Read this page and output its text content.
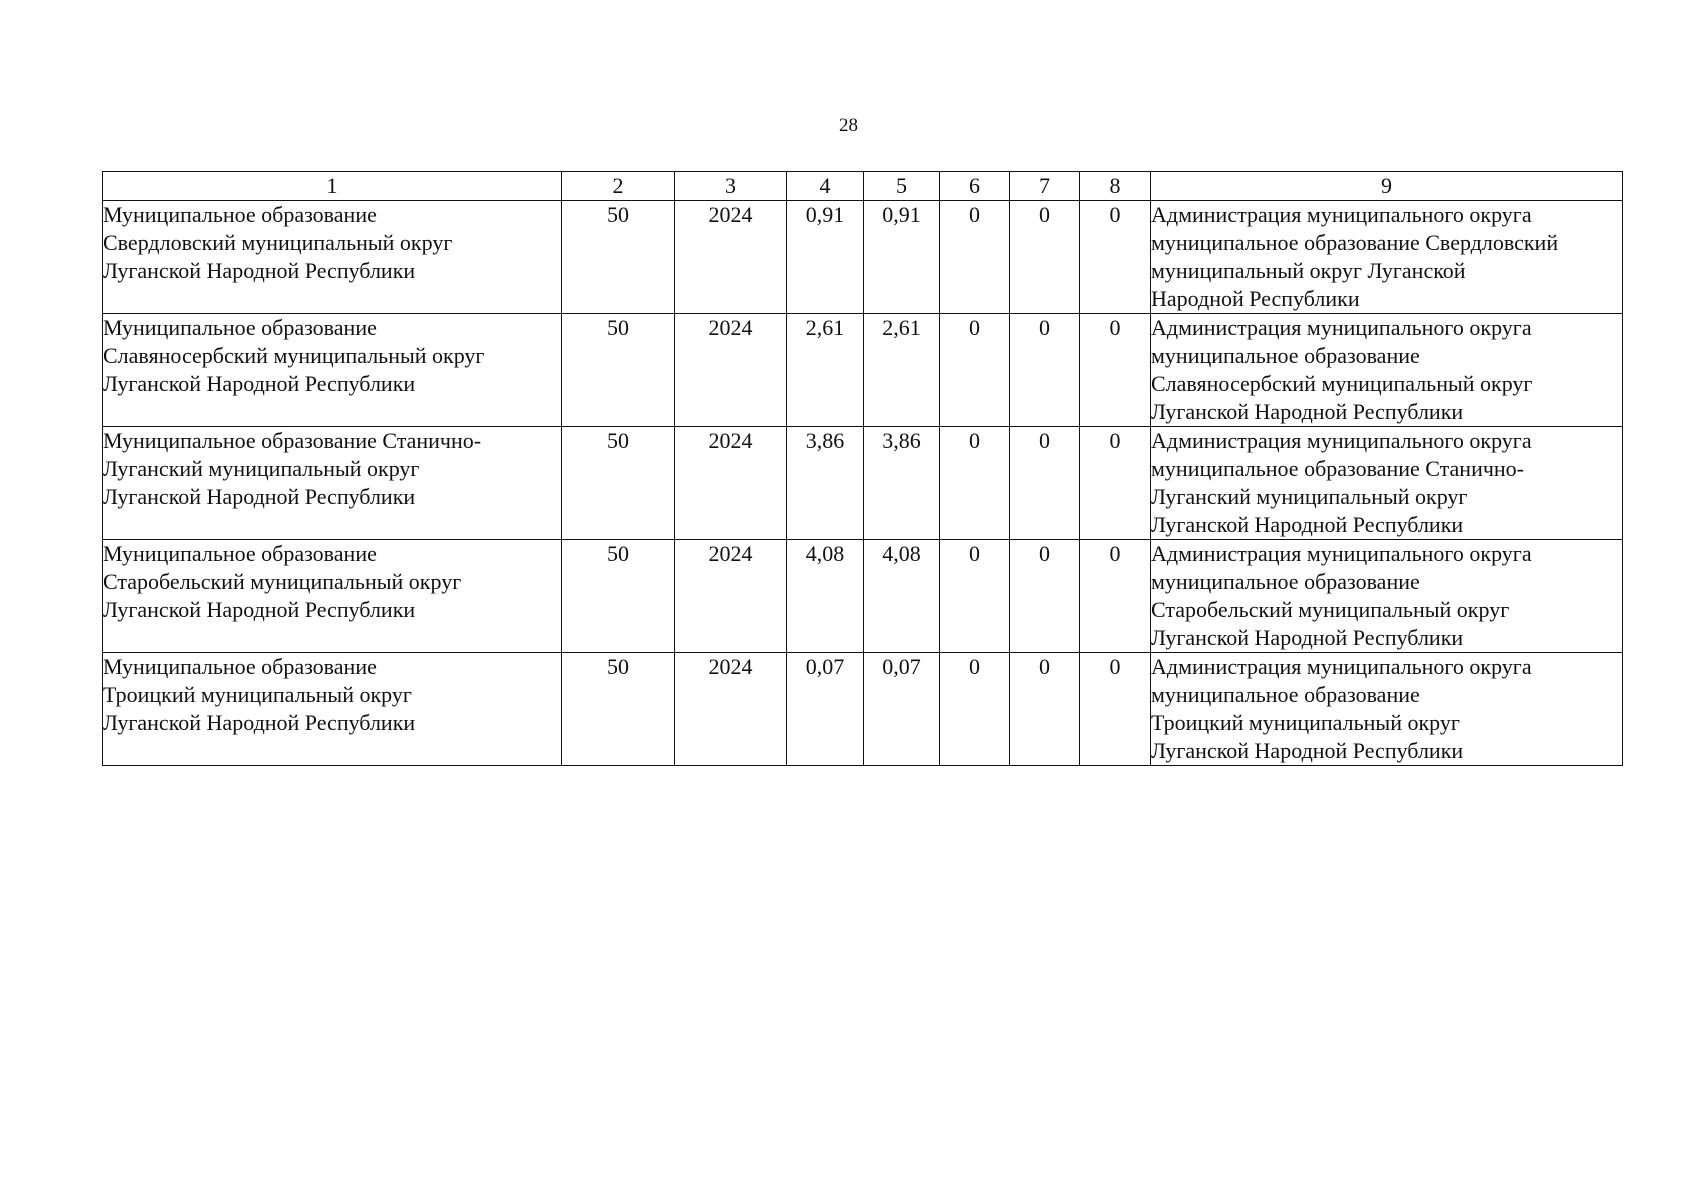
28
1	2	3	4	5	6	7	8	9

Муниципальное образование
Свердловский муниципальный округ
Луганской Народной Республики	50	2024	0,91	0,91	0	0	0	Администрация муниципального округа
муниципальное образование Свердловский
муниципальный округ Луганской
Народной Республики

Муниципальное образование
Славяносербский муниципальный округ
Луганской Народной Республики	50	2024	2,61	2,61	0	0	0	Администрация муниципального округа
муниципальное образование
Славяносербский муниципальный округ
Луганской Народной Республики

Муниципальное образование Станично-
Луганский муниципальный округ
Луганской Народной Республики	50	2024	3,86	3,86	0	0	0	Администрация муниципального округа
муниципальное образование Станично-
Луганский муниципальный округ
Луганской Народной Республики

Муниципальное образование
Старобельский муниципальный округ
Луганской Народной Республики	50	2024	4,08	4,08	0	0	0	Администрация муниципального округа
муниципальное образование
Старобельский муниципальный округ
Луганской Народной Республики

Муниципальное образование
Троицкий муниципальный округ
Луганской Народной Республики	50	2024	0,07	0,07	0	0	0	Администрация муниципального округа
муниципальное образование
Троицкий муниципальный округ
Луганской Народной Республики
